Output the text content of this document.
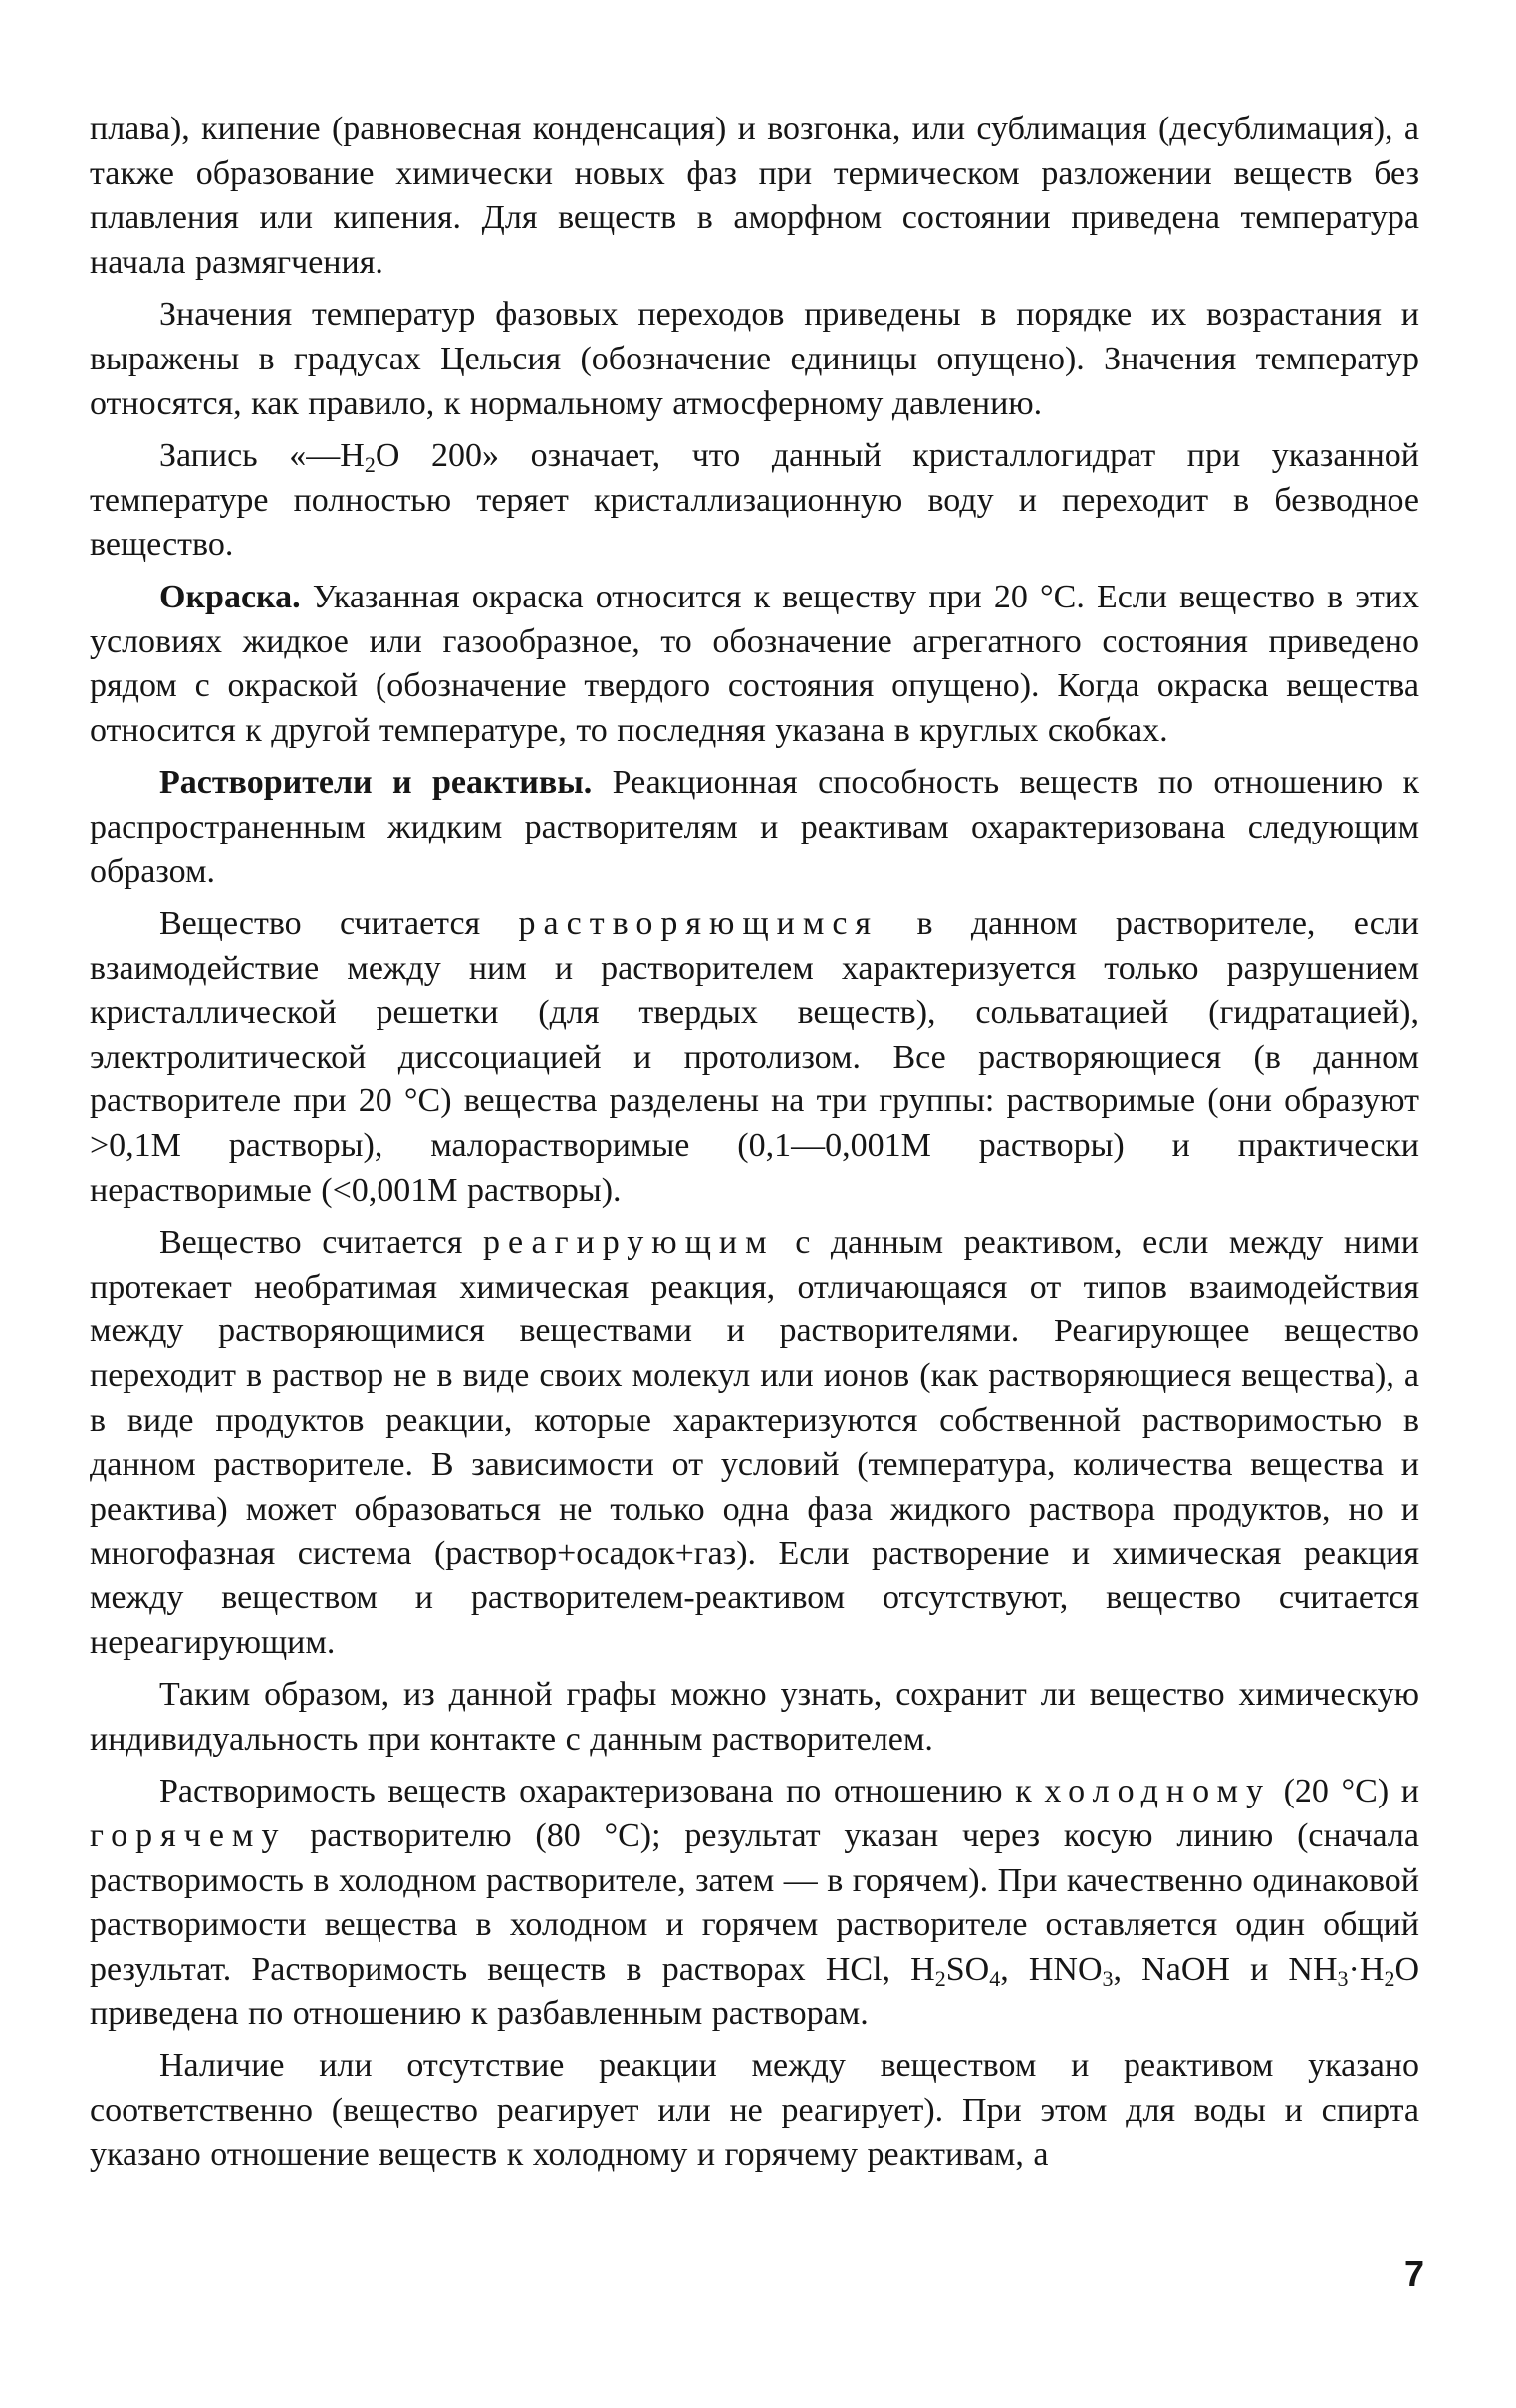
плава), кипение (равновесная конденсация) и возгонка, или сублимация (десублимация), а также образование химически новых фаз при термическом разложении веществ без плавления или кипения. Для веществ в аморфном состоянии приведена температура начала размягчения.

Значения температур фазовых переходов приведены в порядке их возрастания и выражены в градусах Цельсия (обозначение единицы опущено). Значения температур относятся, как правило, к нормальному атмосферному давлению.

Запись «$—H_2O$ 200» означает, что данный кристаллогидрат при указанной температуре полностью теряет кристаллизационную воду и переходит в безводное вещество.

Окраска. Указанная окраска относится к веществу при 20 °С. Если вещество в этих условиях жидкое или газообразное, то обозначение агрегатного состояния приведено рядом с окраской (обозначение твердого состояния опущено). Когда окраска вещества относится к другой температуре, то последняя указана в круглых скобках.

Растворители и реактивы. Реакционная способность веществ по отношению к распространенным жидким растворителям и реактивам охарактеризована следующим образом.

Вещество считается растворяющимся в данном растворителе, если взаимодействие между ним и растворителем характеризуется только разрушением кристаллической решетки (для твердых веществ), сольватацией (гидратацией), электролитической диссоциацией и протолизом. Все растворяющиеся (в данном растворителе при 20 °С) вещества разделены на три группы: растворимые (они образуют >0,1M растворы), малорастворимые (0,1—0,001M растворы) и практически нерастворимые (<0,001M растворы).

Вещество считается реагирующим с данным реактивом, если между ними протекает необратимая химическая реакция, отличающаяся от типов взаимодействия между растворяющимися веществами и растворителями. Реагирующее вещество переходит в раствор не в виде своих молекул или ионов (как растворяющиеся вещества), а в виде продуктов реакции, которые характеризуются собственной растворимостью в данном растворителе. В зависимости от условий (температура, количества вещества и реактива) может образоваться не только одна фаза жидкого раствора продуктов, но и многофазная система (раствор+осадок+газ). Если растворение и химическая реакция между веществом и растворителем-реактивом отсутствуют, вещество считается нереагирующим.

Таким образом, из данной графы можно узнать, сохранит ли вещество химическую индивидуальность при контакте с данным растворителем.

Растворимость веществ охарактеризована по отношению к холодному (20 °С) и горячему растворителю (80 °С); результат указан через косую линию (сначала растворимость в холодном растворителе, затем — в горячем). При качественно одинаковой растворимости вещества в холодном и горячем растворителе оставляется один общий результат. Растворимость веществ в растворах HCl, $H_2SO_4$, $HNO_3$, NaOH и $NH_3\cdot H_2O$ приведена по отношению к разбавленным растворам.

Наличие или отсутствие реакции между веществом и реактивом указано соответственно (вещество реагирует или не реагирует). При этом для воды и спирта указано отношение веществ к холодному и горячему реактивам, а

7
